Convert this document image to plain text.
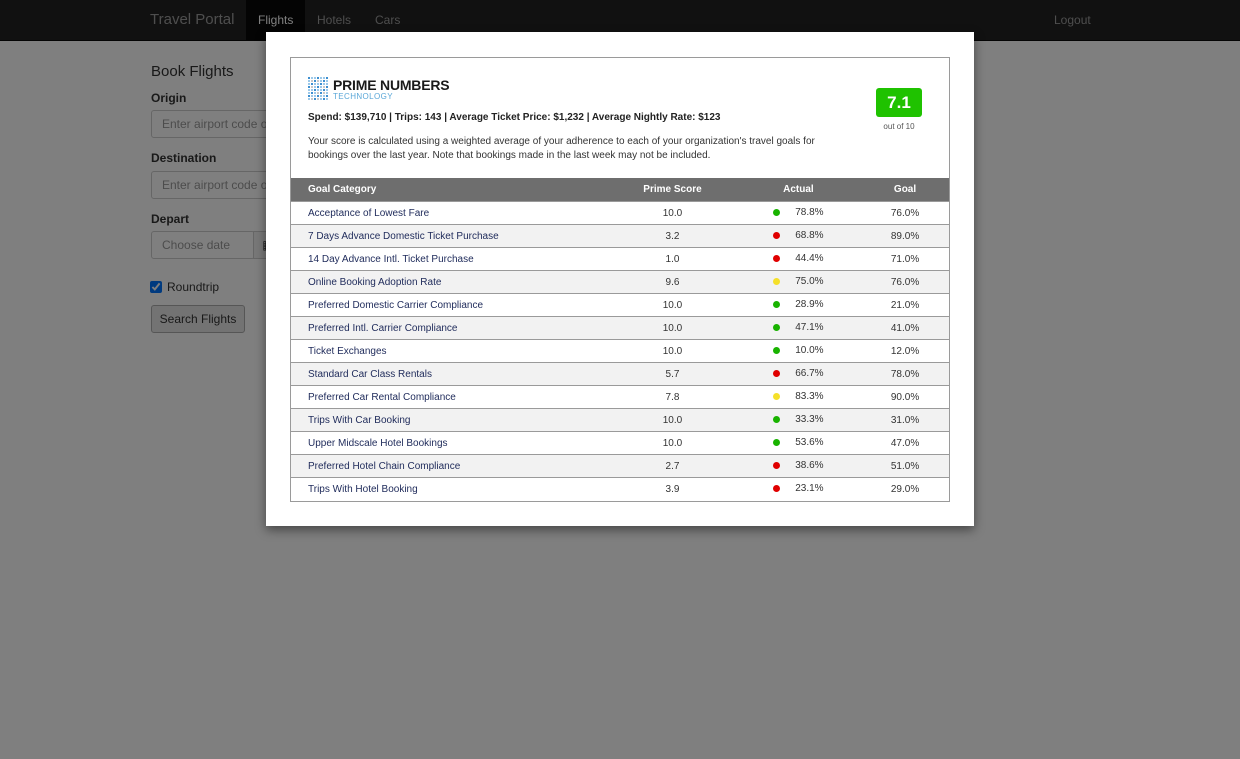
Enter airport code or city
Enter airport code or city
Choose date
PRIME NUMBERS
TECHNOLOGY
Spend: $139,710 | Trips: 143 | Average Ticket Price: $1,232 | Average Nightly Rate: $123
Your score is calculated using a weighted average of your adherence to each of your organization's travel goals for bookings over the last year. Note that bookings made in the last week may not be included.
7.1
out of 10
Goal Category	Prime Score	Actual	Goal
Acceptance of Lowest Fare	10.0	78.8%	76.0%
7 Days Advance Domestic Ticket Purchase	3.2	68.8%	89.0%
14 Day Advance Intl. Ticket Purchase	1.0	44.4%	71.0%
Online Booking Adoption Rate	9.6	75.0%	76.0%
Preferred Domestic Carrier Compliance	10.0	28.9%	21.0%
Preferred Intl. Carrier Compliance	10.0	47.1%	41.0%
Ticket Exchanges	10.0	10.0%	12.0%
Standard Car Class Rentals	5.7	66.7%	78.0%
Preferred Car Rental Compliance	7.8	83.3%	90.0%
Trips With Car Booking	10.0	33.3%	31.0%
Upper Midscale Hotel Bookings	10.0	53.6%	47.0%
Preferred Hotel Chain Compliance	2.7	38.6%	51.0%
Trips With Hotel Booking	3.9	23.1%	29.0%
